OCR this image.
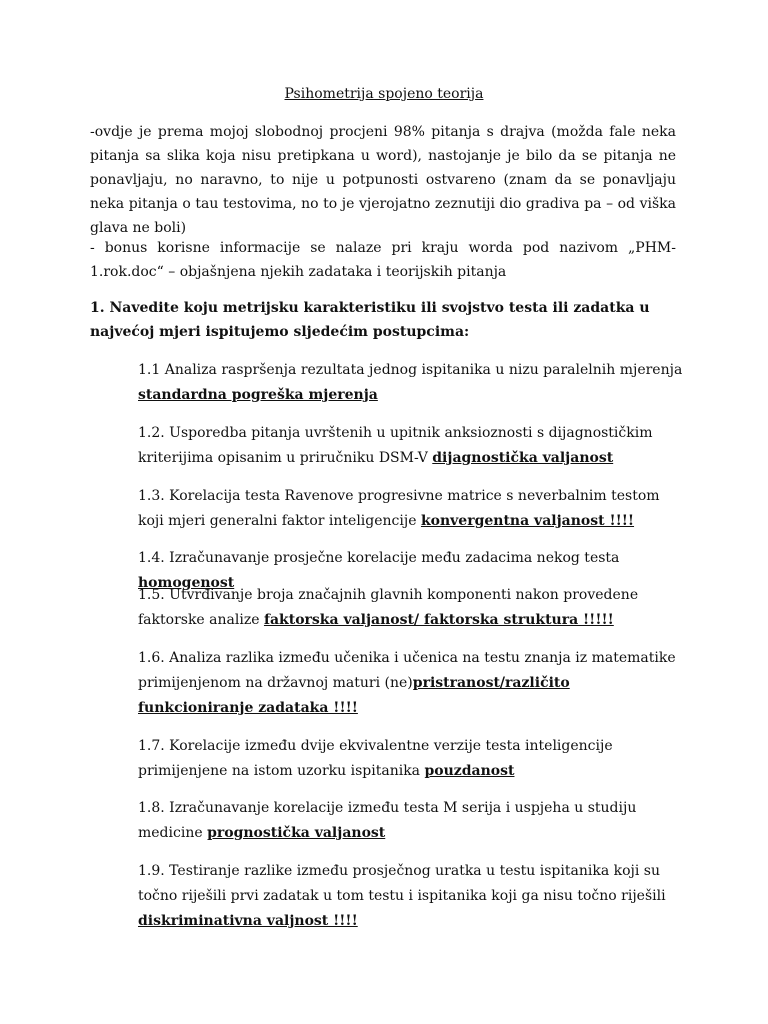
Psihometrija spojeno teorija

-ovdje je prema mojoj slobodnoj procjeni 98% pitanja s drajva (možda fale neka pitanja sa slika koja nisu pretipkana u word), nastojanje je bilo da se pitanja ne ponavljaju, no naravno, to nije u potpunosti ostvareno (znam da se ponavljaju neka pitanja o tau testovima, no to je vjerojatno zeznutiji dio gradiva pa – od viška glava ne boli)

- bonus korisne informacije se nalaze pri kraju worda pod nazivom „PHM-1.rok.doc“ – objašnjena njekih zadataka i teorijskih pitanja

1. Navedite koju metrijsku karakteristiku ili svojstvo testa ili zadatka u najvećoj mjeri ispitujemo sljedećim postupcima:

1.1 Analiza raspršenja rezultata jednog ispitanika u nizu paralelnih mjerenja standardna pogreška mjerenja

1.2. Usporedba pitanja uvrštenih u upitnik anksioznosti s dijagnostičkim kriterijima opisanim u priručniku DSM-V dijagnostička valjanost

1.3. Korelacija testa Ravenove progresivne matrice s neverbalnim testom koji mjeri generalni faktor inteligencije konvergentna valjanost !!!!

1.4. Izračunavanje prosječne korelacije među zadacima nekog testa homogenost

1.5. Utvrđivanje broja značajnih glavnih komponenti nakon provedene faktorske analize faktorska valjanost/ faktorska struktura !!!!!

1.6. Analiza razlika između učenika i učenica na testu znanja iz matematike primijenjenom na državnoj maturi (ne)pristranost/različito funkcioniranje zadataka !!!!

1.7. Korelacije između dvije ekvivalentne verzije testa inteligencije primijenjene na istom uzorku ispitanika pouzdanost

1.8. Izračunavanje korelacije između testa M serija i uspjeha u studiju medicine prognostička valjanost

1.9. Testiranje razlike između prosječnog uratka u testu ispitanika koji su točno riješili prvi zadatak u tom testu i ispitanika koji ga nisu točno riješili diskriminativna valjnost !!!!
